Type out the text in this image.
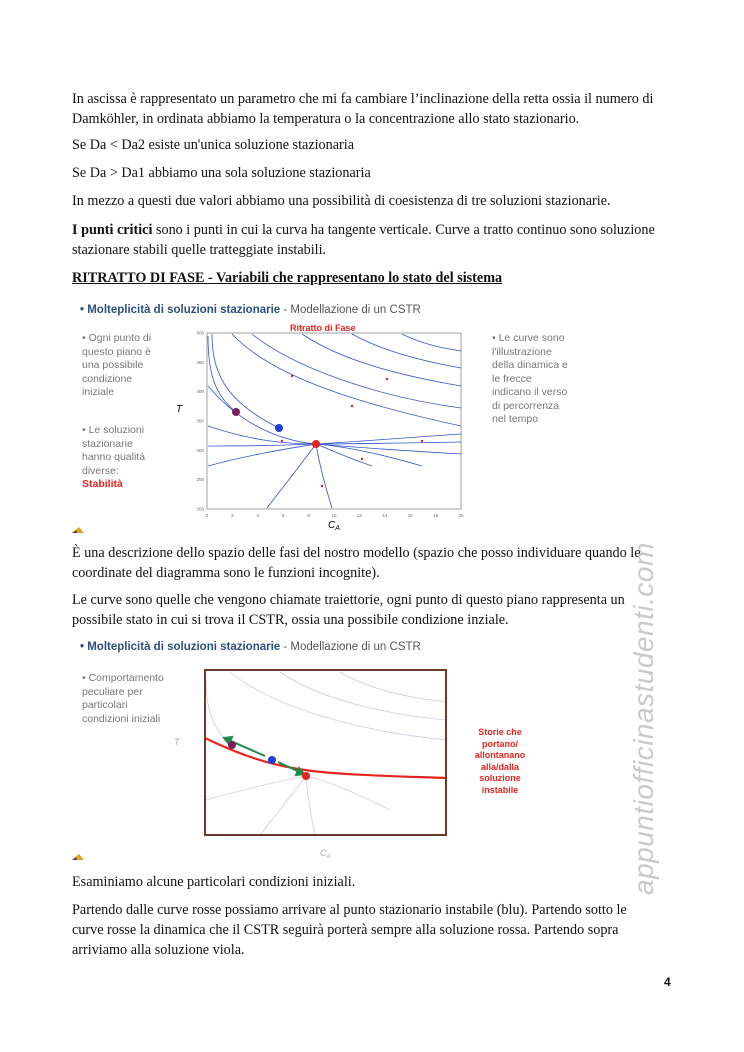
In ascissa è rappresentato un parametro che mi fa cambiare l’inclinazione della retta ossia il numero di Damköhler, in ordinata abbiamo la temperatura o la concentrazione allo stato stazionario.
Se Da < Da2 esiste un'unica soluzione stazionaria
Se Da > Da1 abbiamo una sola soluzione stazionaria
In mezzo a questi due valori abbiamo una possibilità di coesistenza di tre soluzioni stazionarie.
I punti critici sono i punti in cui la curva ha tangente verticale. Curve a tratto continuo sono soluzione stazionare stabili quelle tratteggiate instabili.
RITRATTO DI FASE - Variabili che rappresentano lo stato del sistema
• Molteplicità di soluzioni stazionarie - Modellazione di un CSTR
• Ogni punto di questo piano è una possibile condizione iniziale
• Le soluzioni stazionarie hanno qualità diverse: Stabilità
• Le curve sono l'illustrazione della dinamica e le frecce indicano il verso di percorrenza nel tempo
Ritratto di Fase
0	2	4	6	8	10	12	14	16	18	20
500
450
400
350
300
250
200
T
$C_A$
È una descrizione dello spazio delle fasi del nostro modello (spazio che posso individuare quando le coordinate del diagramma sono le funzioni incognite).
Le curve sono quelle che vengono chiamate traiettorie, ogni punto di questo piano rappresenta un possibile stato in cui si trova il CSTR, ossia una possibile condizione inziale.
• Molteplicità di soluzioni stazionarie - Modellazione di un CSTR
• Comportamento peculiare per particolari condizioni iniziali
Storie che portano/ allontanano alla/dalla soluzione instabile
T
$C_A$
Esaminiamo alcune particolari condizioni iniziali.
Partendo dalle curve rosse possiamo arrivare al punto stazionario instabile (blu). Partendo sotto le curve rosse la dinamica che il CSTR seguirà porterà sempre alla soluzione rossa. Partendo sopra arriviamo alla soluzione viola.
appuntiofficinastudenti.com
4
